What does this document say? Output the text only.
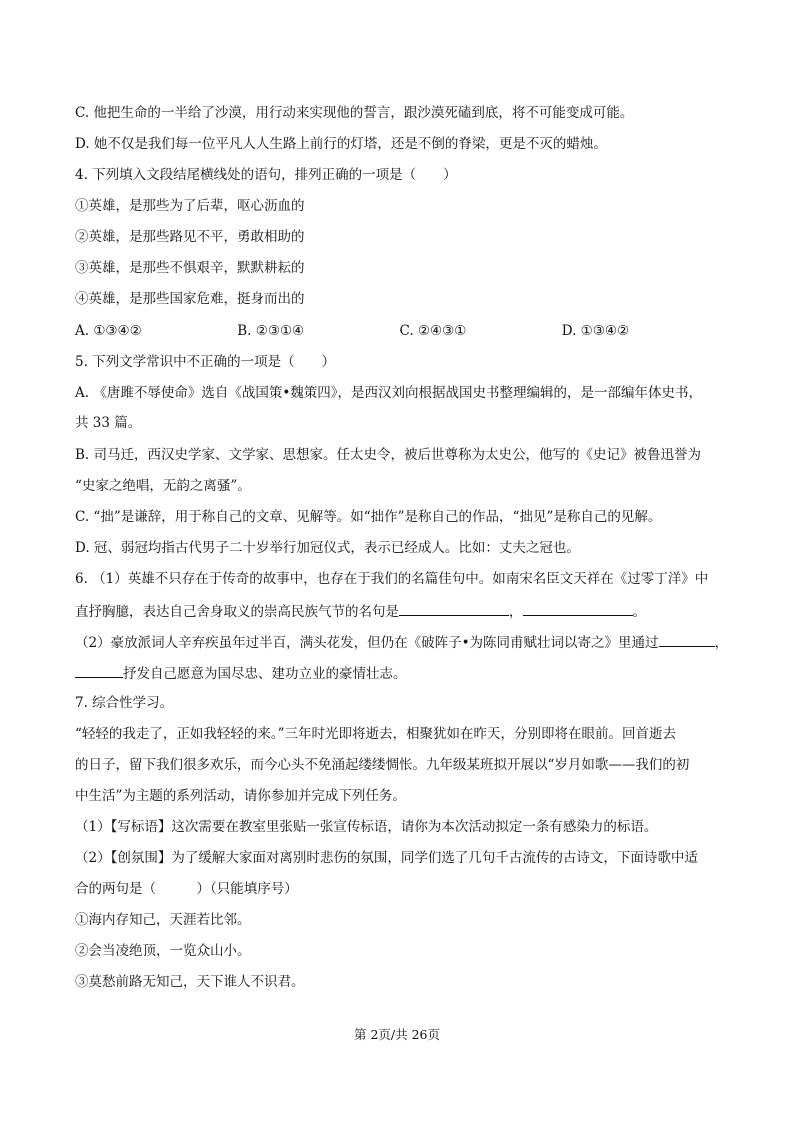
C. 他把生命的一半给了沙漠，用行动来实现他的誓言，跟沙漠死磕到底，将不可能变成可能。
D. 她不仅是我们每一位平凡人人生路上前行的灯塔，还是不倒的脊梁，更是不灭的蜡烛。
4. 下列填入文段结尾横线处的语句，排列正确的一项是（　　）
①英雄，是那些为了后辈，呕心沥血的
②英雄，是那些路见不平，勇敢相助的
③英雄，是那些不惧艰辛，默默耕耘的
④英雄，是那些国家危难，挺身而出的
A. ①③④②	B. ②③①④	C. ②④③①	D. ①③④②
5. 下列文学常识中不正确的一项是（　　）
A. 《唐雎不辱使命》选自《战国策•魏策四》，是西汉刘向根据战国史书整理编辑的，是一部编年体史书，
共 33 篇。
B. 司马迁，西汉史学家、文学家、思想家。任太史令，被后世尊称为太史公，他写的《史记》被鲁迅誉为
“史家之绝唱，无韵之离骚”。
C. “拙”是谦辞，用于称自己的文章、见解等。如“拙作”是称自己的作品，“拙见”是称自己的见解。
D. 冠、弱冠均指古代男子二十岁举行加冠仪式，表示已经成人。比如：丈夫之冠也。
6. （1）英雄不只存在于传奇的故事中，也存在于我们的名篇佳句中。如南宋名臣文天祥在《过零丁洋》中
直抒胸臆，表达自己舍身取义的崇高民族气节的名句是	，	。
（2）豪放派词人辛弃疾虽年过半百，满头花发，但仍在《破阵子•为陈同甫赋壮词以寄之》里通过	，
抒发自己愿意为国尽忠、建功立业的豪情壮志。
7. 综合性学习。
“轻轻的我走了，正如我轻轻的来。”三年时光即将逝去，相聚犹如在昨天，分别即将在眼前。回首逝去
的日子，留下我们很多欢乐，而今心头不免涌起缕缕惆怅。九年级某班拟开展以“岁月如歌——我们的初
中生活”为主题的系列活动，请你参加并完成下列任务。
（1）【写标语】这次需要在教室里张贴一张宣传标语，请你为本次活动拟定一条有感染力的标语。
（2）【创氛围】为了缓解大家面对离别时悲伤的氛围，同学们选了几句千古流传的古诗文，下面诗歌中适
合的两句是（　　　）（只能填序号）
①海内存知己，天涯若比邻。
②会当凌绝顶，一览众山小。
③莫愁前路无知己，天下谁人不识君。
第 2页/共 26页
